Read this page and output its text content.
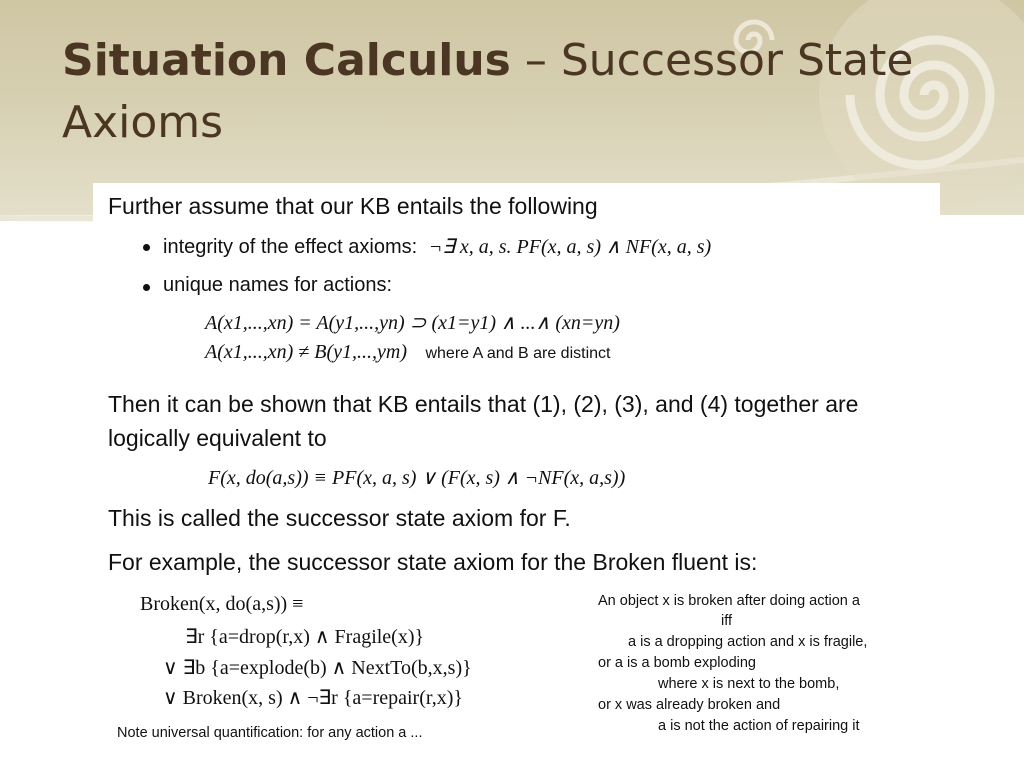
Situation Calculus – Successor State Axioms
Further assume that our KB entails the following
integrity of the effect axioms: ¬∃ x, a, s. PF(x, a, s) ∧ NF(x, a, s)
unique names for actions:
A(x1,...,xn) = A(y1,...,yn) ⊃ (x1=y1) ∧ ...∧ (xn=yn)
A(x1,...,xn) ≠ B(y1,...,ym) where A and B are distinct
Then it can be shown that KB entails that (1), (2), (3), and (4) together are logically equivalent to
F(x, do(a,s)) ≡ PF(x, a, s) ∨ (F(x, s) ∧ ¬NF(x, a,s))
This is called the successor state axiom for F.
For example, the successor state axiom for the Broken fluent is:
Broken(x, do(a,s)) ≡
∃r {a=drop(r,x) ∧ Fragile(x)}
∨ ∃b {a=explode(b) ∧ NextTo(b,x,s)}
∨ Broken(x, s) ∧ ¬∃r {a=repair(r,x)}
An object x is broken after doing action a
iff
a is a dropping action and x is fragile,
or a is a bomb exploding
where x is next to the bomb,
or x was already broken and
a is not the action of repairing it
Note universal quantification: for any action a ...
